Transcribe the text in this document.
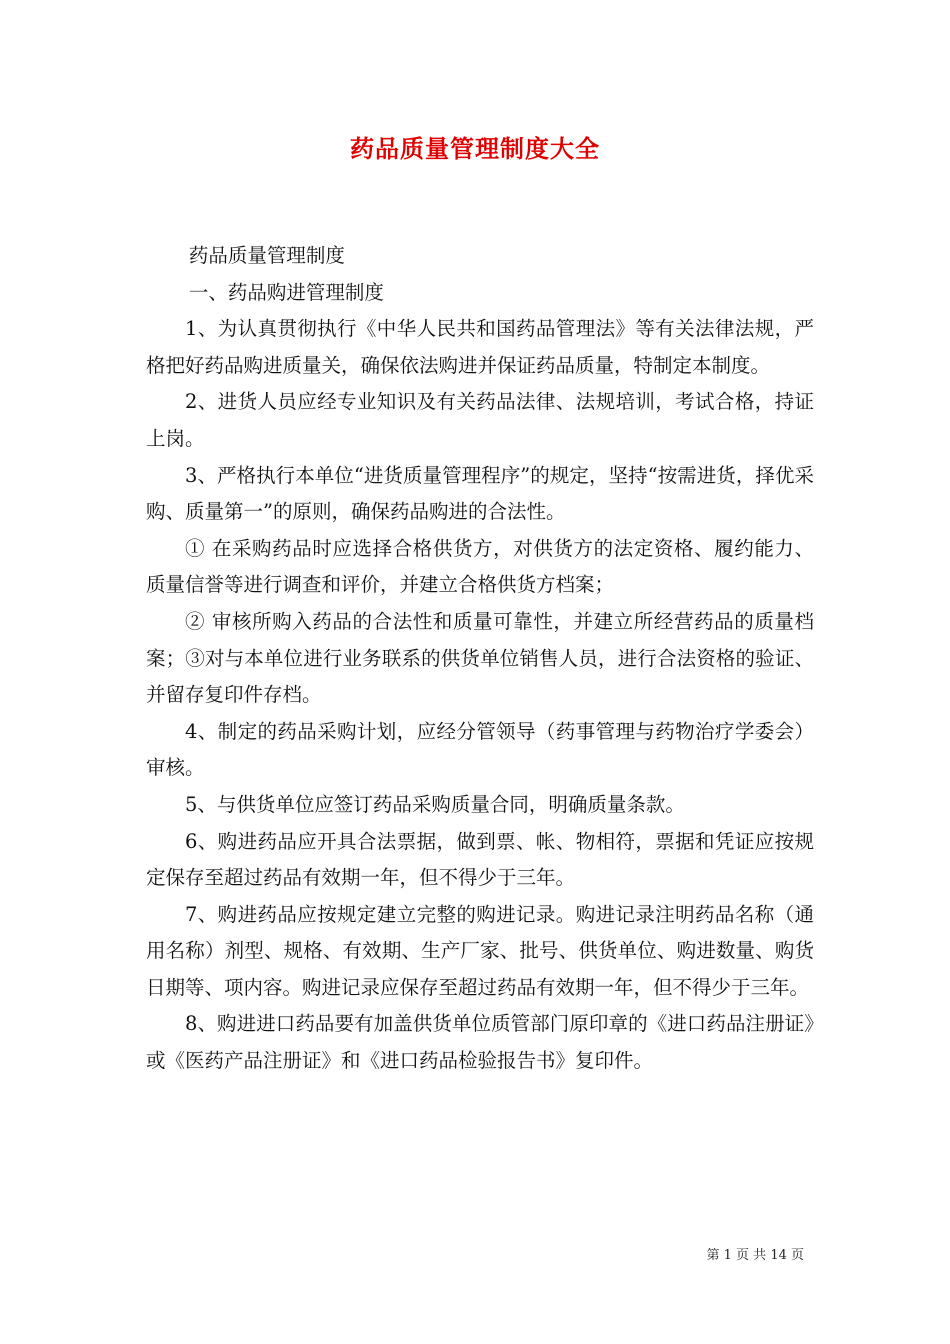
药品质量管理制度大全

药品质量管理制度

一、药品购进管理制度

1、为认真贯彻执行《中华人民共和国药品管理法》等有关法律法规，严格把好药品购进质量关，确保依法购进并保证药品质量，特制定本制度。

2、进货人员应经专业知识及有关药品法律、法规培训，考试合格，持证上岗。

3、严格执行本单位“进货质量管理程序”的规定，坚持“按需进货，择优采购、质量第一”的原则，确保药品购进的合法性。

① 在采购药品时应选择合格供货方，对供货方的法定资格、履约能力、质量信誉等进行调查和评价，并建立合格供货方档案；

② 审核所购入药品的合法性和质量可靠性，并建立所经营药品的质量档案；③对与本单位进行业务联系的供货单位销售人员，进行合法资格的验证、并留存复印件存档。

4、制定的药品采购计划，应经分管领导（药事管理与药物治疗学委会）审核。

5、与供货单位应签订药品采购质量合同，明确质量条款。

6、购进药品应开具合法票据，做到票、帐、物相符，票据和凭证应按规定保存至超过药品有效期一年，但不得少于三年。

7、购进药品应按规定建立完整的购进记录。购进记录注明药品名称（通用名称）剂型、规格、有效期、生产厂家、批号、供货单位、购进数量、购货日期等、项内容。购进记录应保存至超过药品有效期一年，但不得少于三年。

8、购进进口药品要有加盖供货单位质管部门原印章的《进口药品注册证》或《医药产品注册证》和《进口药品检验报告书》复印件。

第 1 页 共 14 页
